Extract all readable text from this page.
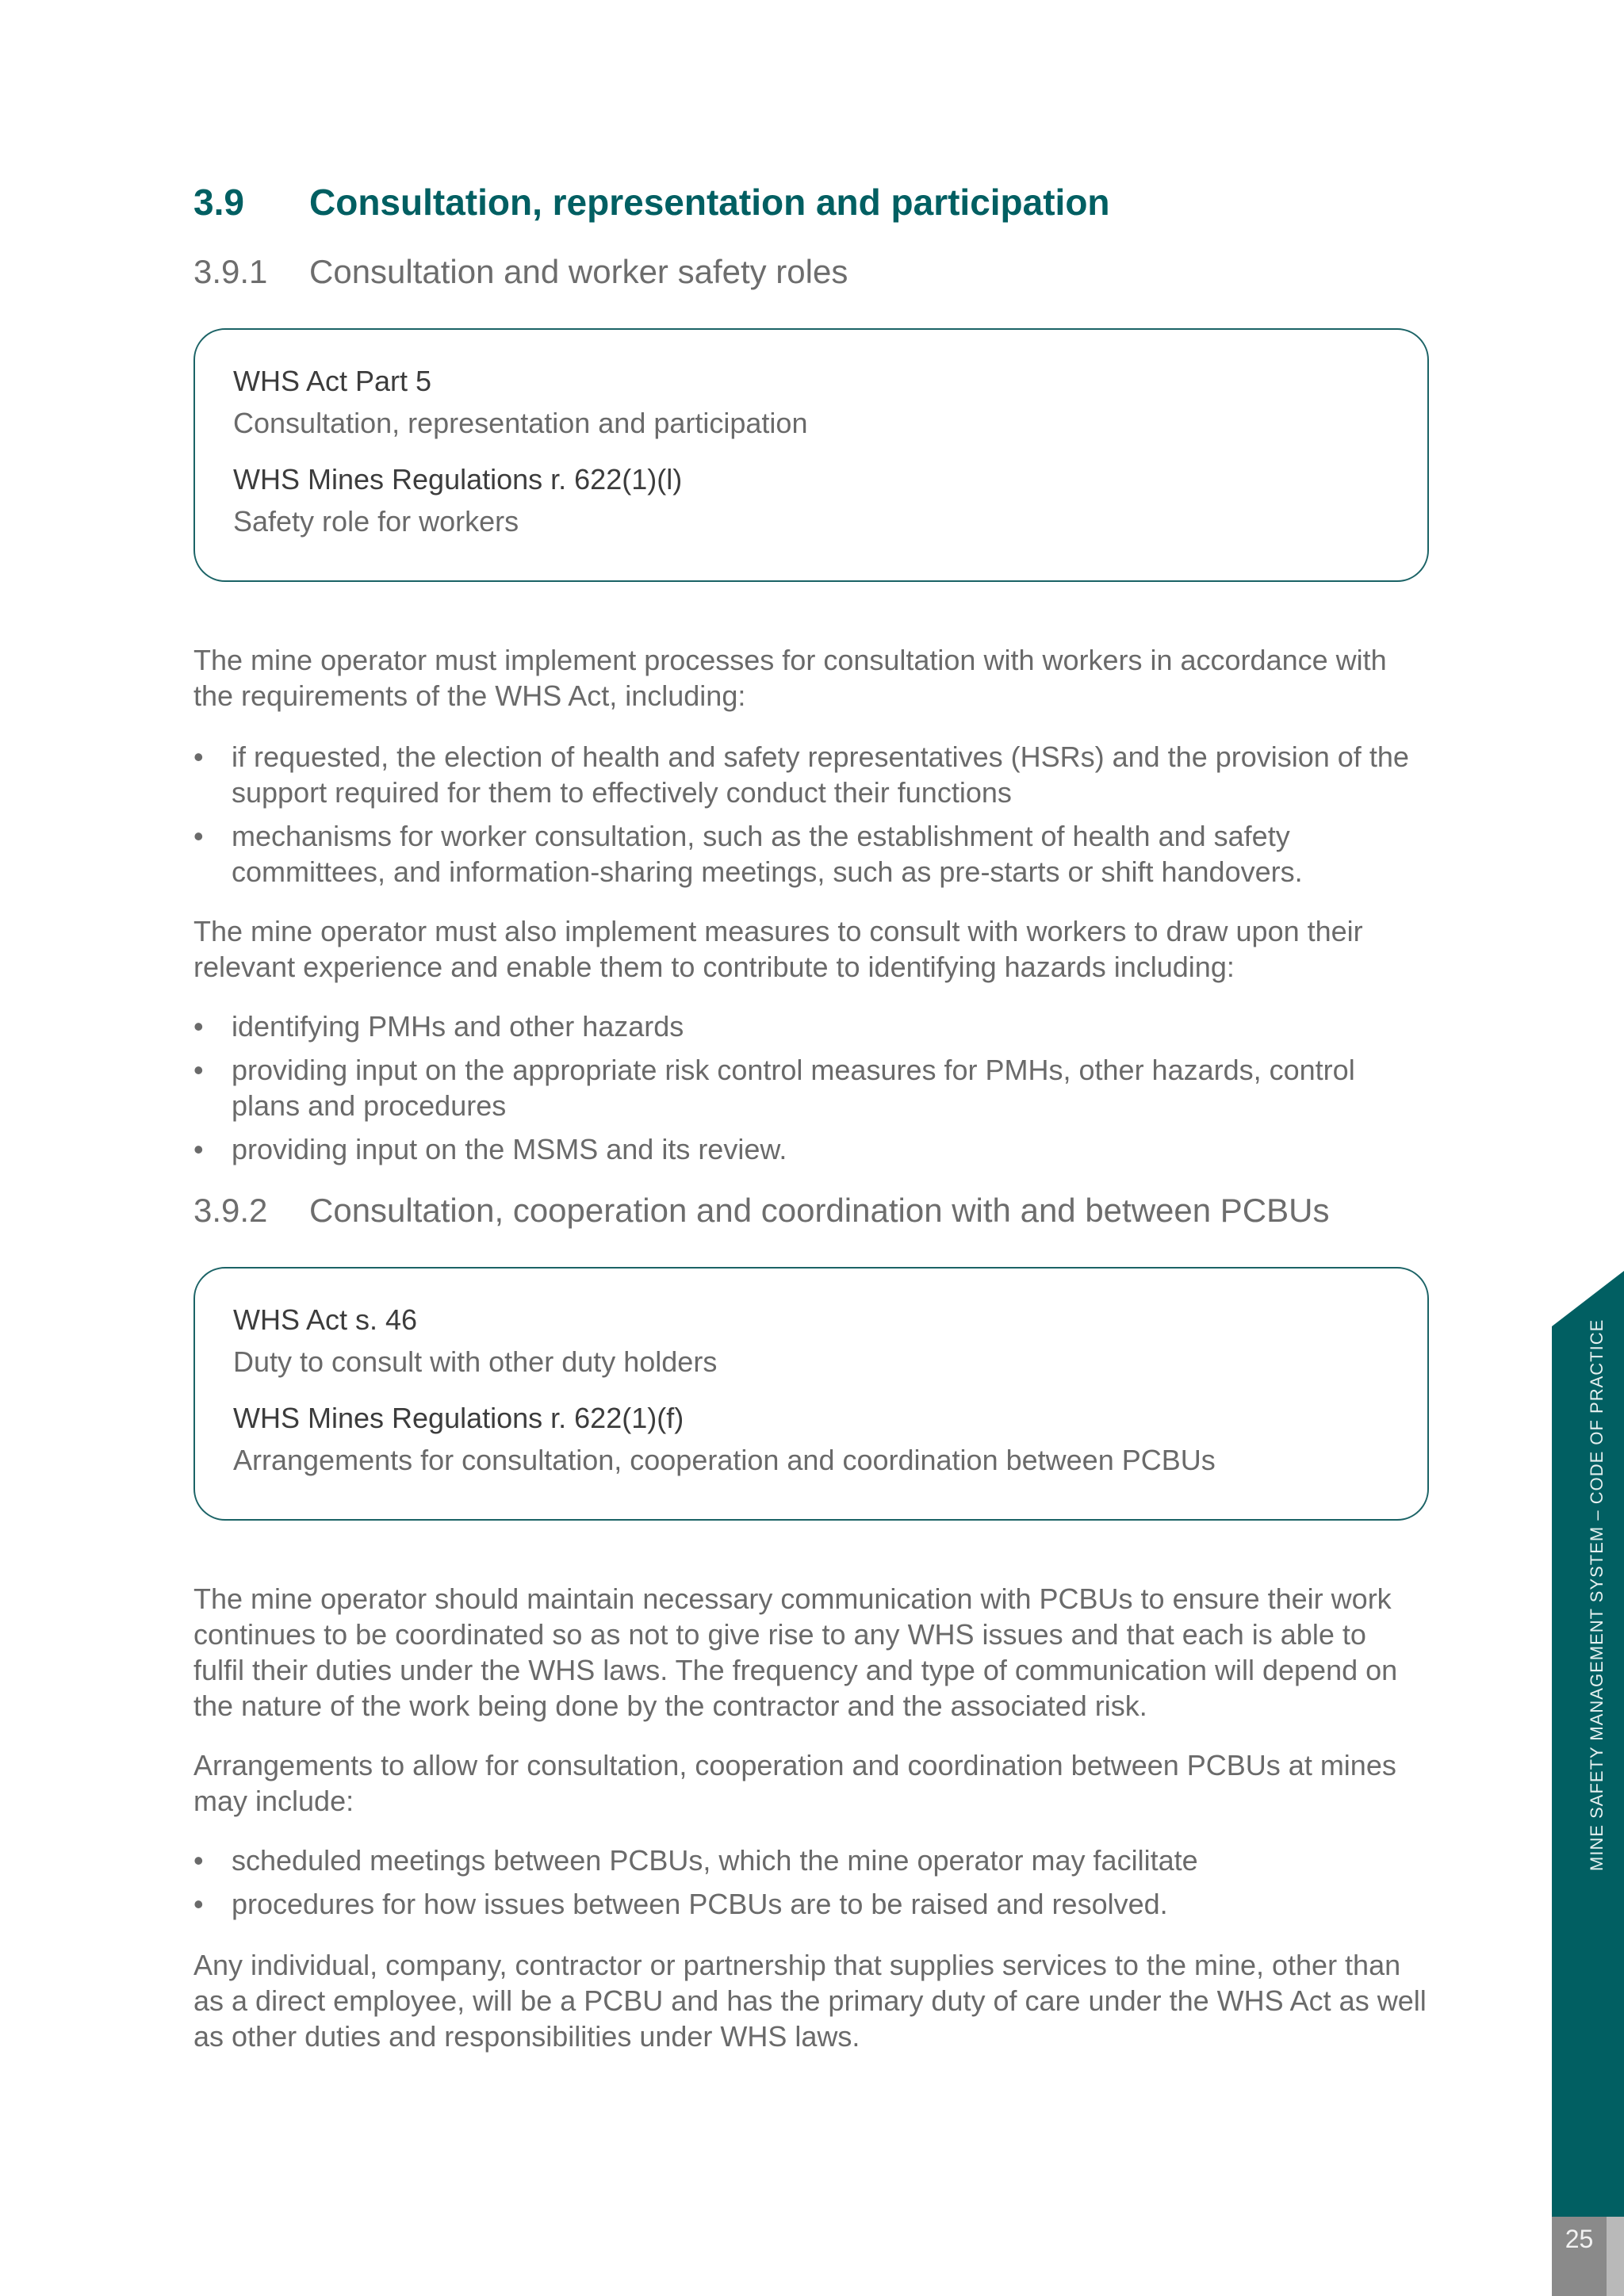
3.9	Consultation, representation and participation
3.9.1	Consultation and worker safety roles
WHS Act Part 5
Consultation, representation and participation
WHS Mines Regulations r. 622(1)(l)
Safety role for workers

The mine operator must implement processes for consultation with workers in accordance with the requirements of the WHS Act, including:

• if requested, the election of health and safety representatives (HSRs) and the provision of the support required for them to effectively conduct their functions
• mechanisms for worker consultation, such as the establishment of health and safety committees, and information-sharing meetings, such as pre-starts or shift handovers.

The mine operator must also implement measures to consult with workers to draw upon their relevant experience and enable them to contribute to identifying hazards including:

• identifying PMHs and other hazards
• providing input on the appropriate risk control measures for PMHs, other hazards, control plans and procedures
• providing input on the MSMS and its review.
3.9.2	Consultation, cooperation and coordination with and between PCBUs
WHS Act s. 46
Duty to consult with other duty holders
WHS Mines Regulations r. 622(1)(f)
Arrangements for consultation, cooperation and coordination between PCBUs

The mine operator should maintain necessary communication with PCBUs to ensure their work continues to be coordinated so as not to give rise to any WHS issues and that each is able to fulfil their duties under the WHS laws. The frequency and type of communication will depend on the nature of the work being done by the contractor and the associated risk.

Arrangements to allow for consultation, cooperation and coordination between PCBUs at mines may include:

• scheduled meetings between PCBUs, which the mine operator may facilitate
• procedures for how issues between PCBUs are to be raised and resolved.

Any individual, company, contractor or partnership that supplies services to the mine, other than as a direct employee, will be a PCBU and has the primary duty of care under the WHS Act as well as other duties and responsibilities under WHS laws.

MINE SAFETY MANAGEMENT SYSTEM – CODE OF PRACTICE
25
